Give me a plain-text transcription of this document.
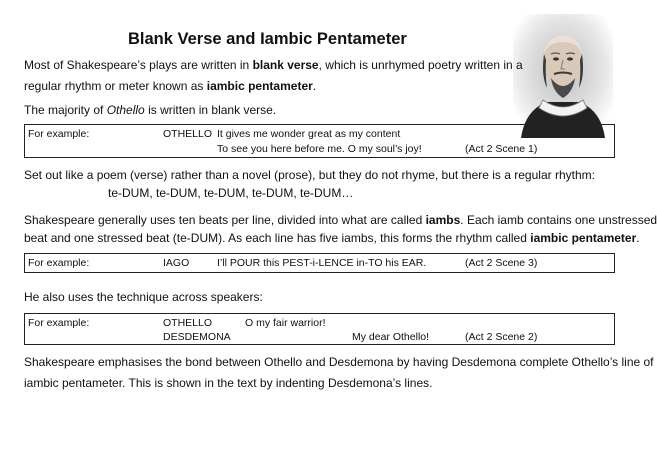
Blank Verse and Iambic Pentameter
Most of Shakespeare’s plays are written in blank verse, which is unrhymed poetry written in a
regular rhythm or meter known as iambic pentameter.
The majority of Othello is written in blank verse.
For example:	OTHELLO It gives me wonder great as my content
To see you here before me. O my soul’s joy!	(Act 2 Scene 1)
Set out like a poem (verse) rather than a novel (prose), but they do not rhyme, but there is a regular rhythm:
te-DUM, te-DUM, te-DUM, te-DUM, te-DUM…
Shakespeare generally uses ten beats per line, divided into what are called iambs. Each iamb contains one unstressed
beat and one stressed beat (te-DUM). As each line has five iambs, this forms the rhythm called iambic pentameter.
For example:	IAGO	I’ll POUR this PEST-i-LENCE in-TO his EAR.	(Act 2 Scene 3)
He also uses the technique across speakers:
For example:	OTHELLO	O my fair warrior!
DESDEMONA	My dear Othello!	(Act 2 Scene 2)
Shakespeare emphasises the bond between Othello and Desdemona by having Desdemona complete Othello’s line of
iambic pentameter. This is shown in the text by indenting Desdemona’s lines.
